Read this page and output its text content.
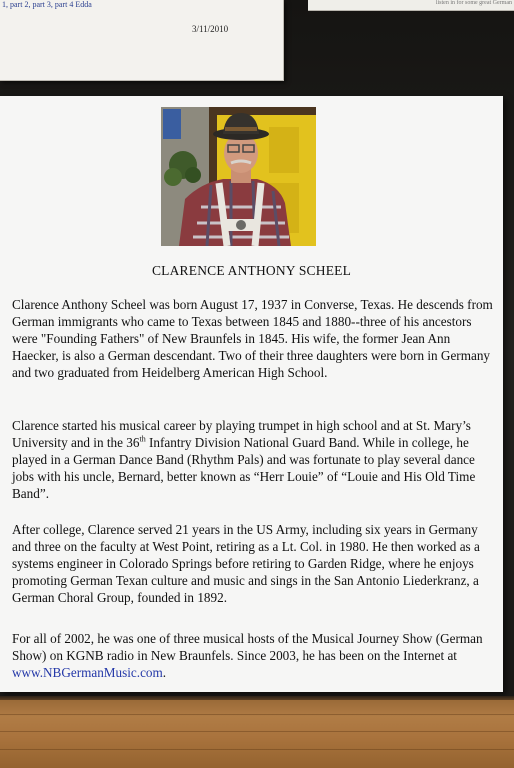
1, part 2, part 3, part 4 Edda
3/11/2010
listen in for some great German
CLARENCE ANTHONY SCHEEL

Clarence Anthony Scheel was born August 17, 1937 in Converse, Texas. He descends from German immigrants who came to Texas between 1845 and 1880--three of his ancestors were "Founding Fathers" of New Braunfels in 1845. His wife, the former Jean Ann Haecker, is also a German descendant. Two of their three daughters were born in Germany and two graduated from Heidelberg American High School.

Clarence started his musical career by playing trumpet in high school and at St. Mary’s University and in the 36th Infantry Division National Guard Band. While in college, he played in a German Dance Band (Rhythm Pals) and was fortunate to play several dance jobs with his uncle, Bernard, better known as “Herr Louie” of “Louie and His Old Time Band”.

After college, Clarence served 21 years in the US Army, including six years in Germany and three on the faculty at West Point, retiring as a Lt. Col. in 1980. He then worked as a systems engineer in Colorado Springs before retiring to Garden Ridge, where he enjoys promoting German Texan culture and music and sings in the San Antonio Liederkranz, a German Choral Group, founded in 1892.

For all of 2002, he was one of three musical hosts of the Musical Journey Show (German Show) on KGNB radio in New Braunfels. Since 2003, he has been on the Internet at www.NBGermanMusic.com.
